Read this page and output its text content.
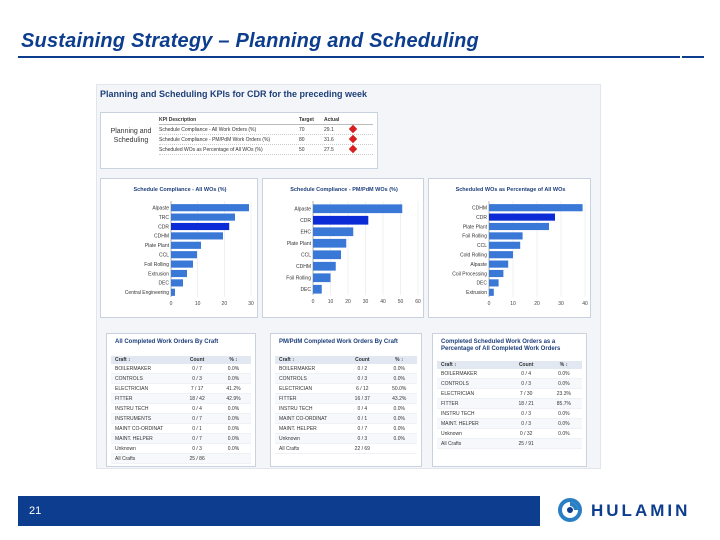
Sustaining Strategy – Planning and Scheduling
Planning and Scheduling KPIs for CDR for the preceding week
Planning and Scheduling
KPI Description	Target	Actual
Schedule Compliance - All Work Orders (%)	70	29.1
Schedule Compliance - PM/PdM Work Orders (%)	80	31.6
Scheduled WOs as Percentage of All WOs (%)	50	27.5
Schedule Compliance - All WOs (%)
0	10	20	30
Alpaste
TRC
CDR
CDHM
Plate Plant
CCL
Foil Rolling
Extrusion
DEC
Central Engineering
Schedule Compliance - PM/PdM WOs (%)
0	10 20 30 40 50 60
Alpaste
CDR
EHC
Plate Plant
CCL
CDHM
Foil Rolling
DEC
Scheduled WOs as Percentage of All WOs
0	10	20	30	40
CDHM
CDR
Plate Plant
Foil Rolling
CCL
Cold Rolling
Alpaste
Coil Processing
DEC
Extrusion
All Completed Work Orders By Craft
Craft ↕	Count	% ↕
BOILERMAKER	0 / 7	0.0%
CONTROLS	0 / 3	0.0%
ELECTRICIAN	7 / 17	41.2%
FITTER	18 / 42	42.9%
INSTRU TECH	0 / 4	0.0%
INSTRUMENTS	0 / 7	0.0%
MAINT CO-ORDINAT	0 / 1	0.0%
MAINT. HELPER	0 / 7	0.0%
Unknown	0 / 3	0.0%
All Crafts	25 / 86
PM/PdM Completed Work Orders By Craft
Craft ↕	Count	% ↕
BOILERMAKER	0 / 2	0.0%
CONTROLS	0 / 3	0.0%
ELECTRICIAN	6 / 12	50.0%
FITTER	16 / 37	43.2%
INSTRU TECH	0 / 4	0.0%
MAINT CO-ORDINAT	0 / 1	0.0%
MAINT. HELPER	0 / 7	0.0%
Unknown	0 / 3	0.0%
All Crafts	22 / 69
Completed Scheduled Work Orders as a Percentage of All Completed Work Orders
Craft ↕	Count	% ↕
BOILERMAKER	0 / 4	0.0%
CONTROLS	0 / 3	0.0%
ELECTRICIAN	7 / 30	23.3%
FITTER	18 / 21	85.7%
INSTRU TECH	0 / 3	0.0%
MAINT. HELPER	0 / 3	0.0%
Unknown	0 / 32	0.0%
All Crafts	25 / 91
21	HULAMIN
